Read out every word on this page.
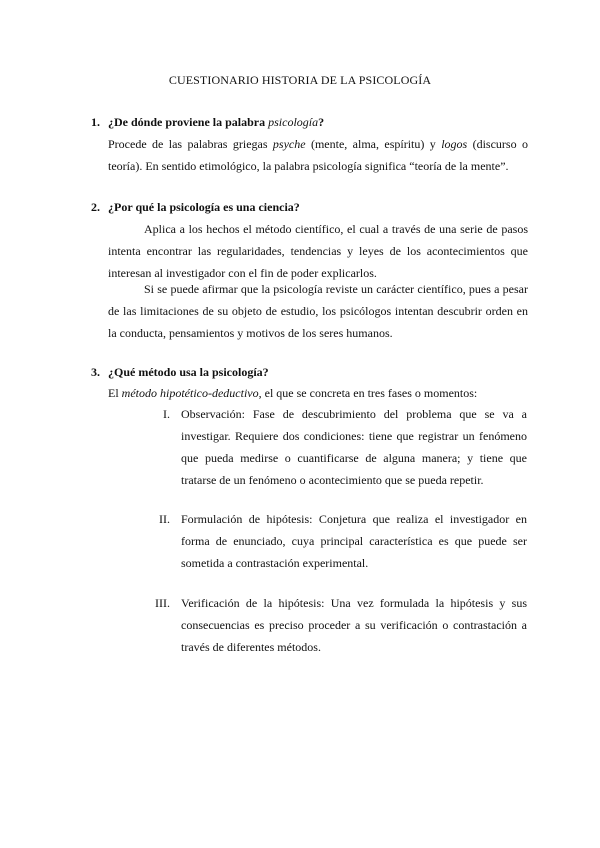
CUESTIONARIO HISTORIA DE LA PSICOLOGÍA
1. ¿De dónde proviene la palabra psicología?
Procede de las palabras griegas psyche (mente, alma, espíritu) y logos (discurso o teoría). En sentido etimológico, la palabra psicología significa “teoría de la mente”.
2. ¿Por qué la psicología es una ciencia?
Aplica a los hechos el método científico, el cual a través de una serie de pasos intenta encontrar las regularidades, tendencias y leyes de los acontecimientos que interesan al investigador con el fin de poder explicarlos.
Si se puede afirmar que la psicología reviste un carácter científico, pues a pesar de las limitaciones de su objeto de estudio, los psicólogos intentan descubrir orden en la conducta, pensamientos y motivos de los seres humanos.
3. ¿Qué método usa la psicología?
El método hipotético-deductivo, el que se concreta en tres fases o momentos:
I. Observación: Fase de descubrimiento del problema que se va a investigar. Requiere dos condiciones: tiene que registrar un fenómeno que pueda medirse o cuantificarse de alguna manera; y tiene que tratarse de un fenómeno o acontecimiento que se pueda repetir.
II. Formulación de hipótesis: Conjetura que realiza el investigador en forma de enunciado, cuya principal característica es que puede ser sometida a contrastación experimental.
III. Verificación de la hipótesis: Una vez formulada la hipótesis y sus consecuencias es preciso proceder a su verificación o contrastación a través de diferentes métodos.
